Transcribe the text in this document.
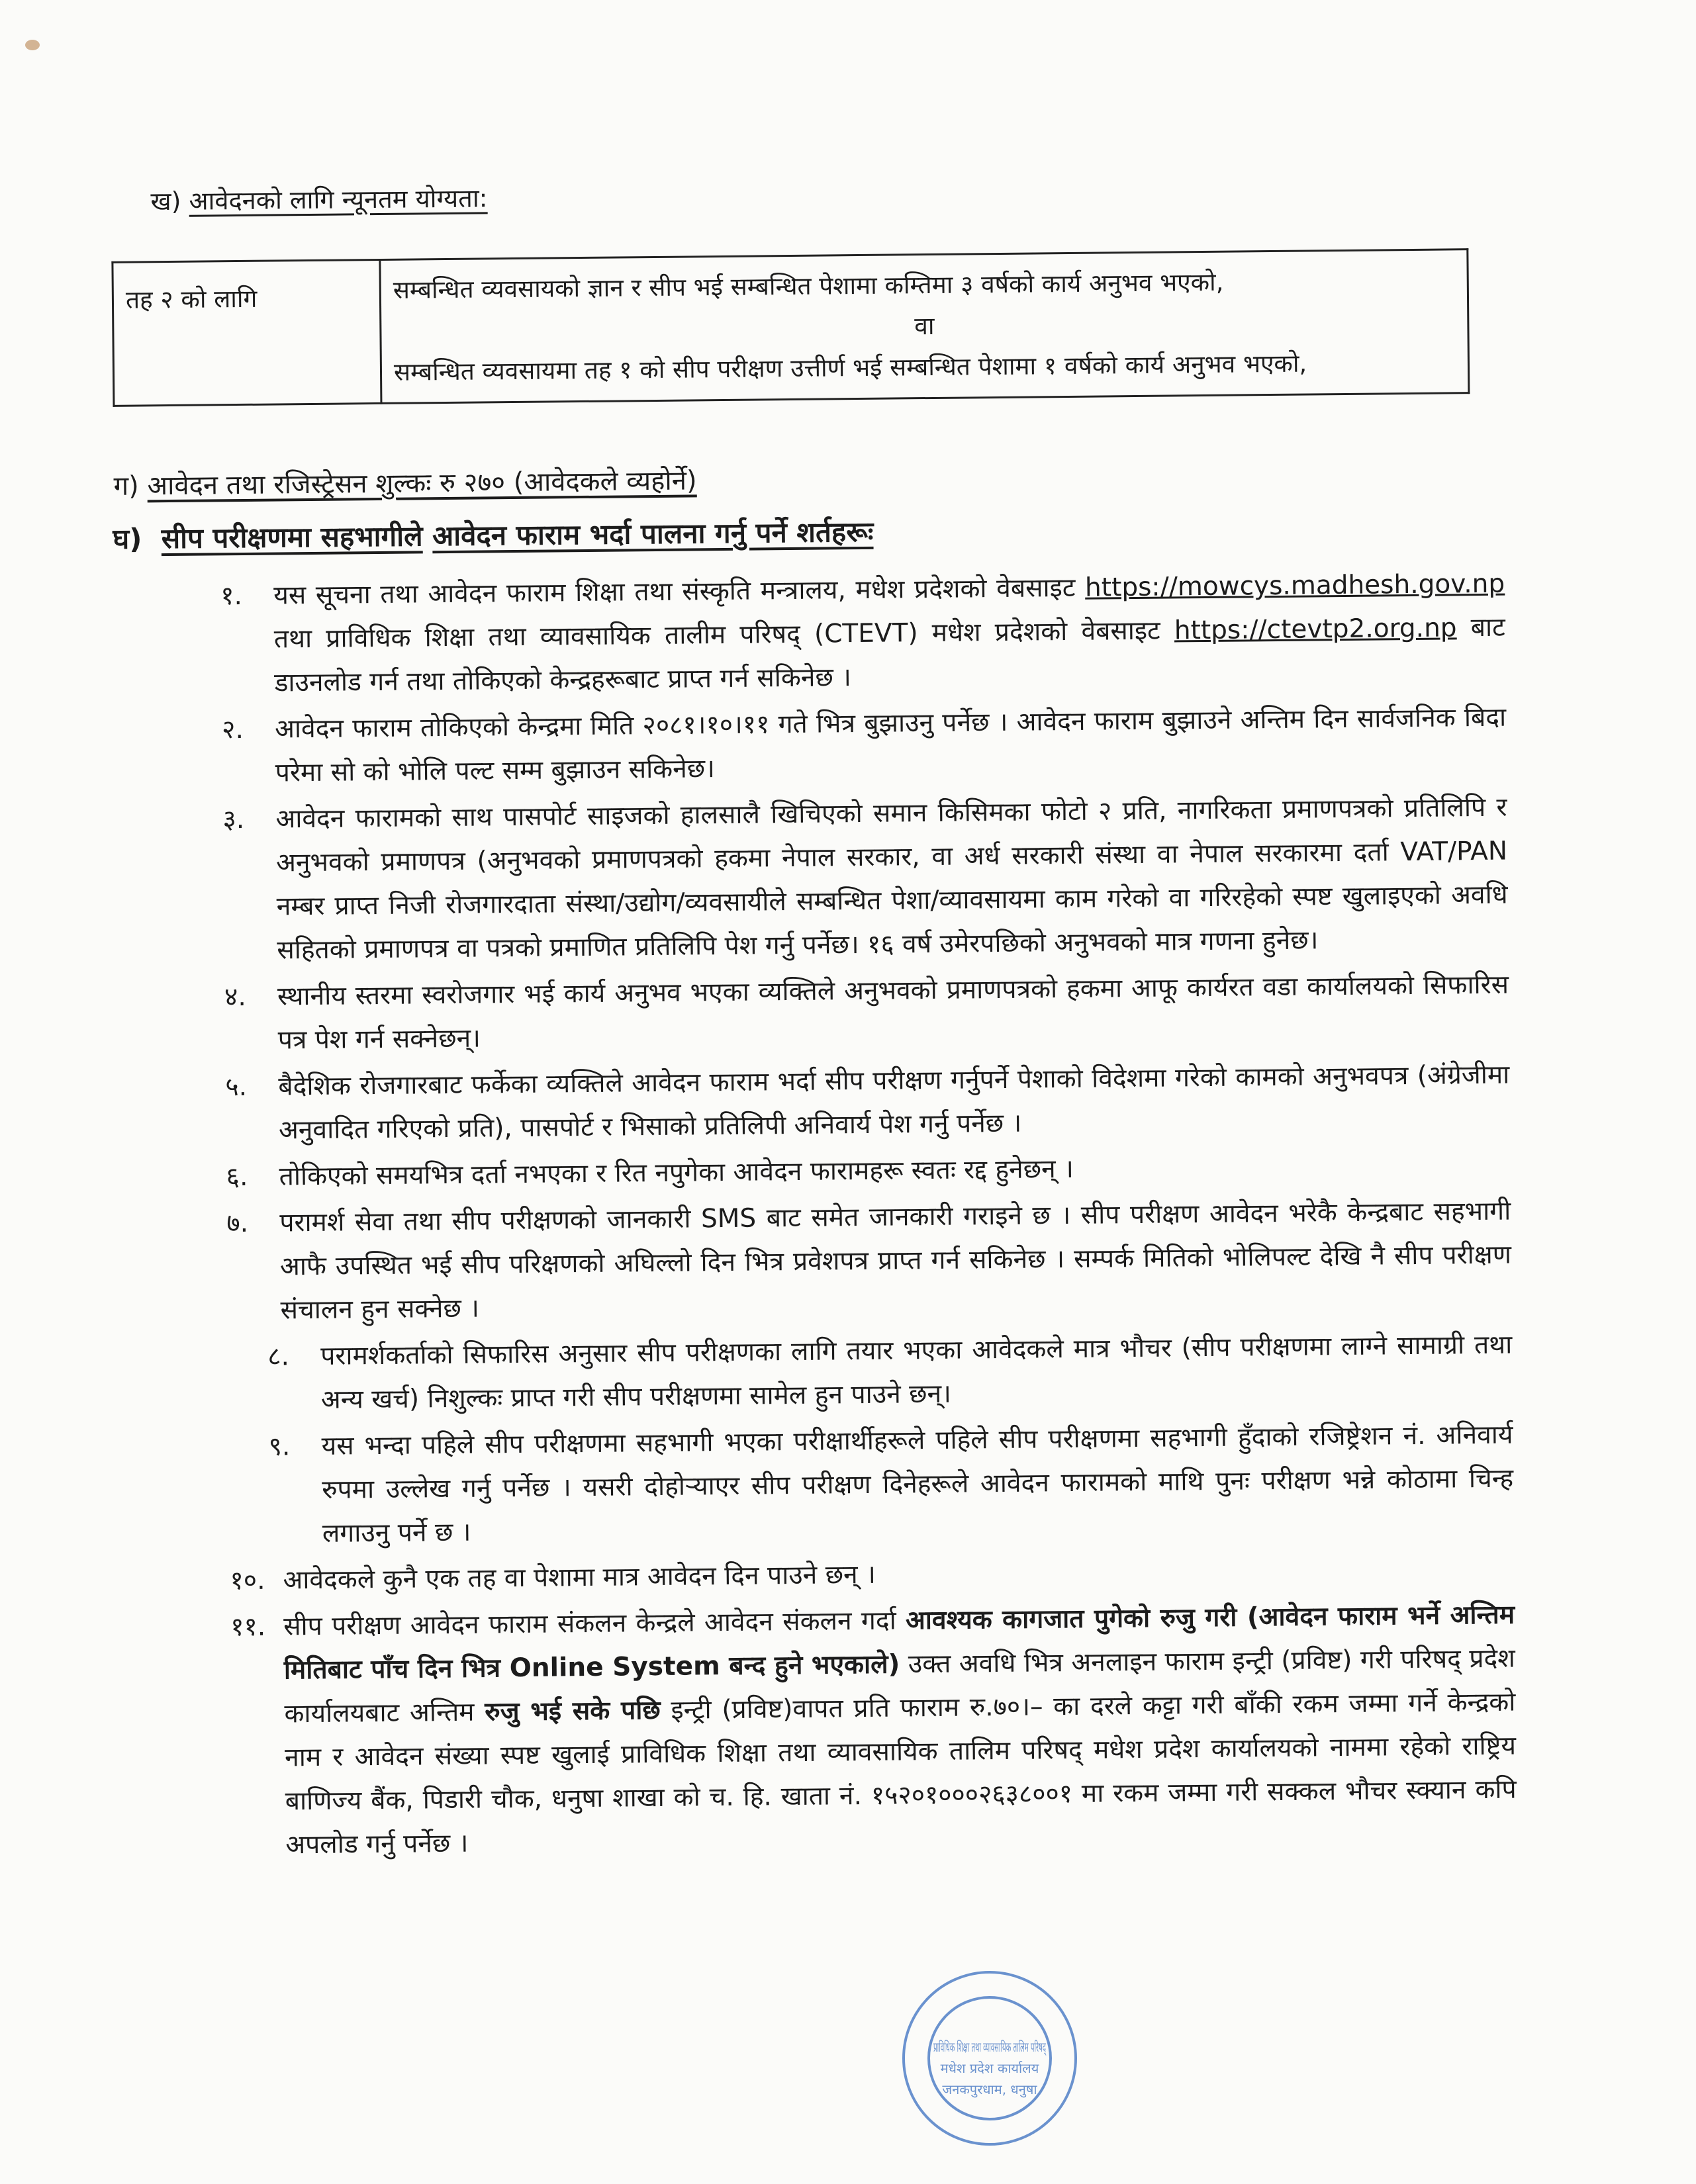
ख) आवेदनको लागि न्यूनतम योग्यता:
तह २ को लागि	सम्बन्धित व्यवसायको ज्ञान र सीप भई सम्बन्धित पेशामा कम्तिमा ३ वर्षको कार्य अनुभव भएको,
वा
सम्बन्धित व्यवसायमा तह १ को सीप परीक्षण उत्तीर्ण भई सम्बन्धित पेशामा १ वर्षको कार्य अनुभव भएको,
ग) आवेदन तथा रजिस्ट्रेसन शुल्कः रु २७० (आवेदकले व्यहोर्ने)
घ) सीप परीक्षणमा सहभागीले आवेदन फाराम भर्दा पालना गर्नु पर्ने शर्तहरूः
१. यस सूचना तथा आवेदन फाराम शिक्षा तथा संस्कृति मन्त्रालय, मधेश प्रदेशको वेबसाइट https://mowcys.madhesh.gov.np तथा प्राविधिक शिक्षा तथा व्यावसायिक तालीम परिषद् (CTEVT) मधेश प्रदेशको वेबसाइट https://ctevtp2.org.np बाट डाउनलोड गर्न तथा तोकिएको केन्द्रहरूबाट प्राप्त गर्न सकिनेछ ।
२. आवेदन फाराम तोकिएको केन्द्रमा मिति २०८१।१०।११ गते भित्र बुझाउनु पर्नेछ । आवेदन फाराम बुझाउने अन्तिम दिन सार्वजनिक बिदा परेमा सो को भोलि पल्ट सम्म बुझाउन सकिनेछ।
३. आवेदन फारामको साथ पासपोर्ट साइजको हालसालै खिचिएको समान किसिमका फोटो २ प्रति, नागरिकता प्रमाणपत्रको प्रतिलिपि र अनुभवको प्रमाणपत्र (अनुभवको प्रमाणपत्रको हकमा नेपाल सरकार, वा अर्ध सरकारी संस्था वा नेपाल सरकारमा दर्ता VAT/PAN नम्बर प्राप्त निजी रोजगारदाता संस्था/उद्योग/व्यवसायीले सम्बन्धित पेशा/व्यावसायमा काम गरेको वा गरिरहेको स्पष्ट खुलाइएको अवधि सहितको प्रमाणपत्र वा पत्रको प्रमाणित प्रतिलिपि पेश गर्नु पर्नेछ। १६ वर्ष उमेरपछिको अनुभवको मात्र गणना हुनेछ।
४. स्थानीय स्तरमा स्वरोजगार भई कार्य अनुभव भएका व्यक्तिले अनुभवको प्रमाणपत्रको हकमा आफू कार्यरत वडा कार्यालयको सिफारिस पत्र पेश गर्न सक्नेछन्।
५. बैदेशिक रोजगारबाट फर्केका व्यक्तिले आवेदन फाराम भर्दा सीप परीक्षण गर्नुपर्ने पेशाको विदेशमा गरेको कामको अनुभवपत्र (अंग्रेजीमा अनुवादित गरिएको प्रति), पासपोर्ट र भिसाको प्रतिलिपी अनिवार्य पेश गर्नु पर्नेछ ।
६. तोकिएको समयभित्र दर्ता नभएका र रित नपुगेका आवेदन फारामहरू स्वतः रद्द हुनेछन् ।
७. परामर्श सेवा तथा सीप परीक्षणको जानकारी SMS बाट समेत जानकारी गराइने छ । सीप परीक्षण आवेदन भरेकै केन्द्रबाट सहभागी आफै उपस्थित भई सीप परिक्षणको अघिल्लो दिन भित्र प्रवेशपत्र प्राप्त गर्न सकिनेछ । सम्पर्क मितिको भोलिपल्ट देखि नै सीप परीक्षण संचालन हुन सक्नेछ ।
८. परामर्शकर्ताको सिफारिस अनुसार सीप परीक्षणका लागि तयार भएका आवेदकले मात्र भौचर (सीप परीक्षणमा लाग्ने सामाग्री तथा अन्य खर्च) निशुल्कः प्राप्त गरी सीप परीक्षणमा सामेल हुन पाउने छन्।
९. यस भन्दा पहिले सीप परीक्षणमा सहभागी भएका परीक्षार्थीहरूले पहिले सीप परीक्षणमा सहभागी हुँदाको रजिष्ट्रेशन नं. अनिवार्य रुपमा उल्लेख गर्नु पर्नेछ । यसरी दोहोऱ्याएर सीप परीक्षण दिनेहरूले आवेदन फारामको माथि पुनः परीक्षण भन्ने कोठामा चिन्ह लगाउनु पर्ने छ ।
१०. आवेदकले कुनै एक तह वा पेशामा मात्र आवेदन दिन पाउने छन् ।
११. सीप परीक्षण आवेदन फाराम संकलन केन्द्रले आवेदन संकलन गर्दा आवश्यक कागजात पुगेको रुजु गरी (आवेदन फाराम भर्ने अन्तिम मितिबाट पाँच दिन भित्र Online System बन्द हुने भएकाले) उक्त अवधि भित्र अनलाइन फाराम इन्ट्री (प्रविष्ट) गरी परिषद् प्रदेश कार्यालयबाट अन्तिम रुजु भई सके पछि इन्ट्री (प्रविष्ट)वापत प्रति फाराम रु.७०।– का दरले कट्टा गरी बाँकी रकम जम्मा गर्ने केन्द्रको नाम र आवेदन संख्या स्पष्ट खुलाई प्राविधिक शिक्षा तथा व्यावसायिक तालिम परिषद् मधेश प्रदेश कार्यालयको नाममा रहेको राष्ट्रिय बाणिज्य बैंक, पिडारी चौक, धनुषा शाखा को च. हि. खाता नं. १५२०१०००२६३८००१ मा रकम जम्मा गरी सक्कल भौचर स्क्यान कपि अपलोड गर्नु पर्नेछ ।
प्राविधिक शिक्षा तथा व्यावसायिक तालिम परिषद्
मधेश प्रदेश कार्यालय
जनकपुरधाम, धनुषा
